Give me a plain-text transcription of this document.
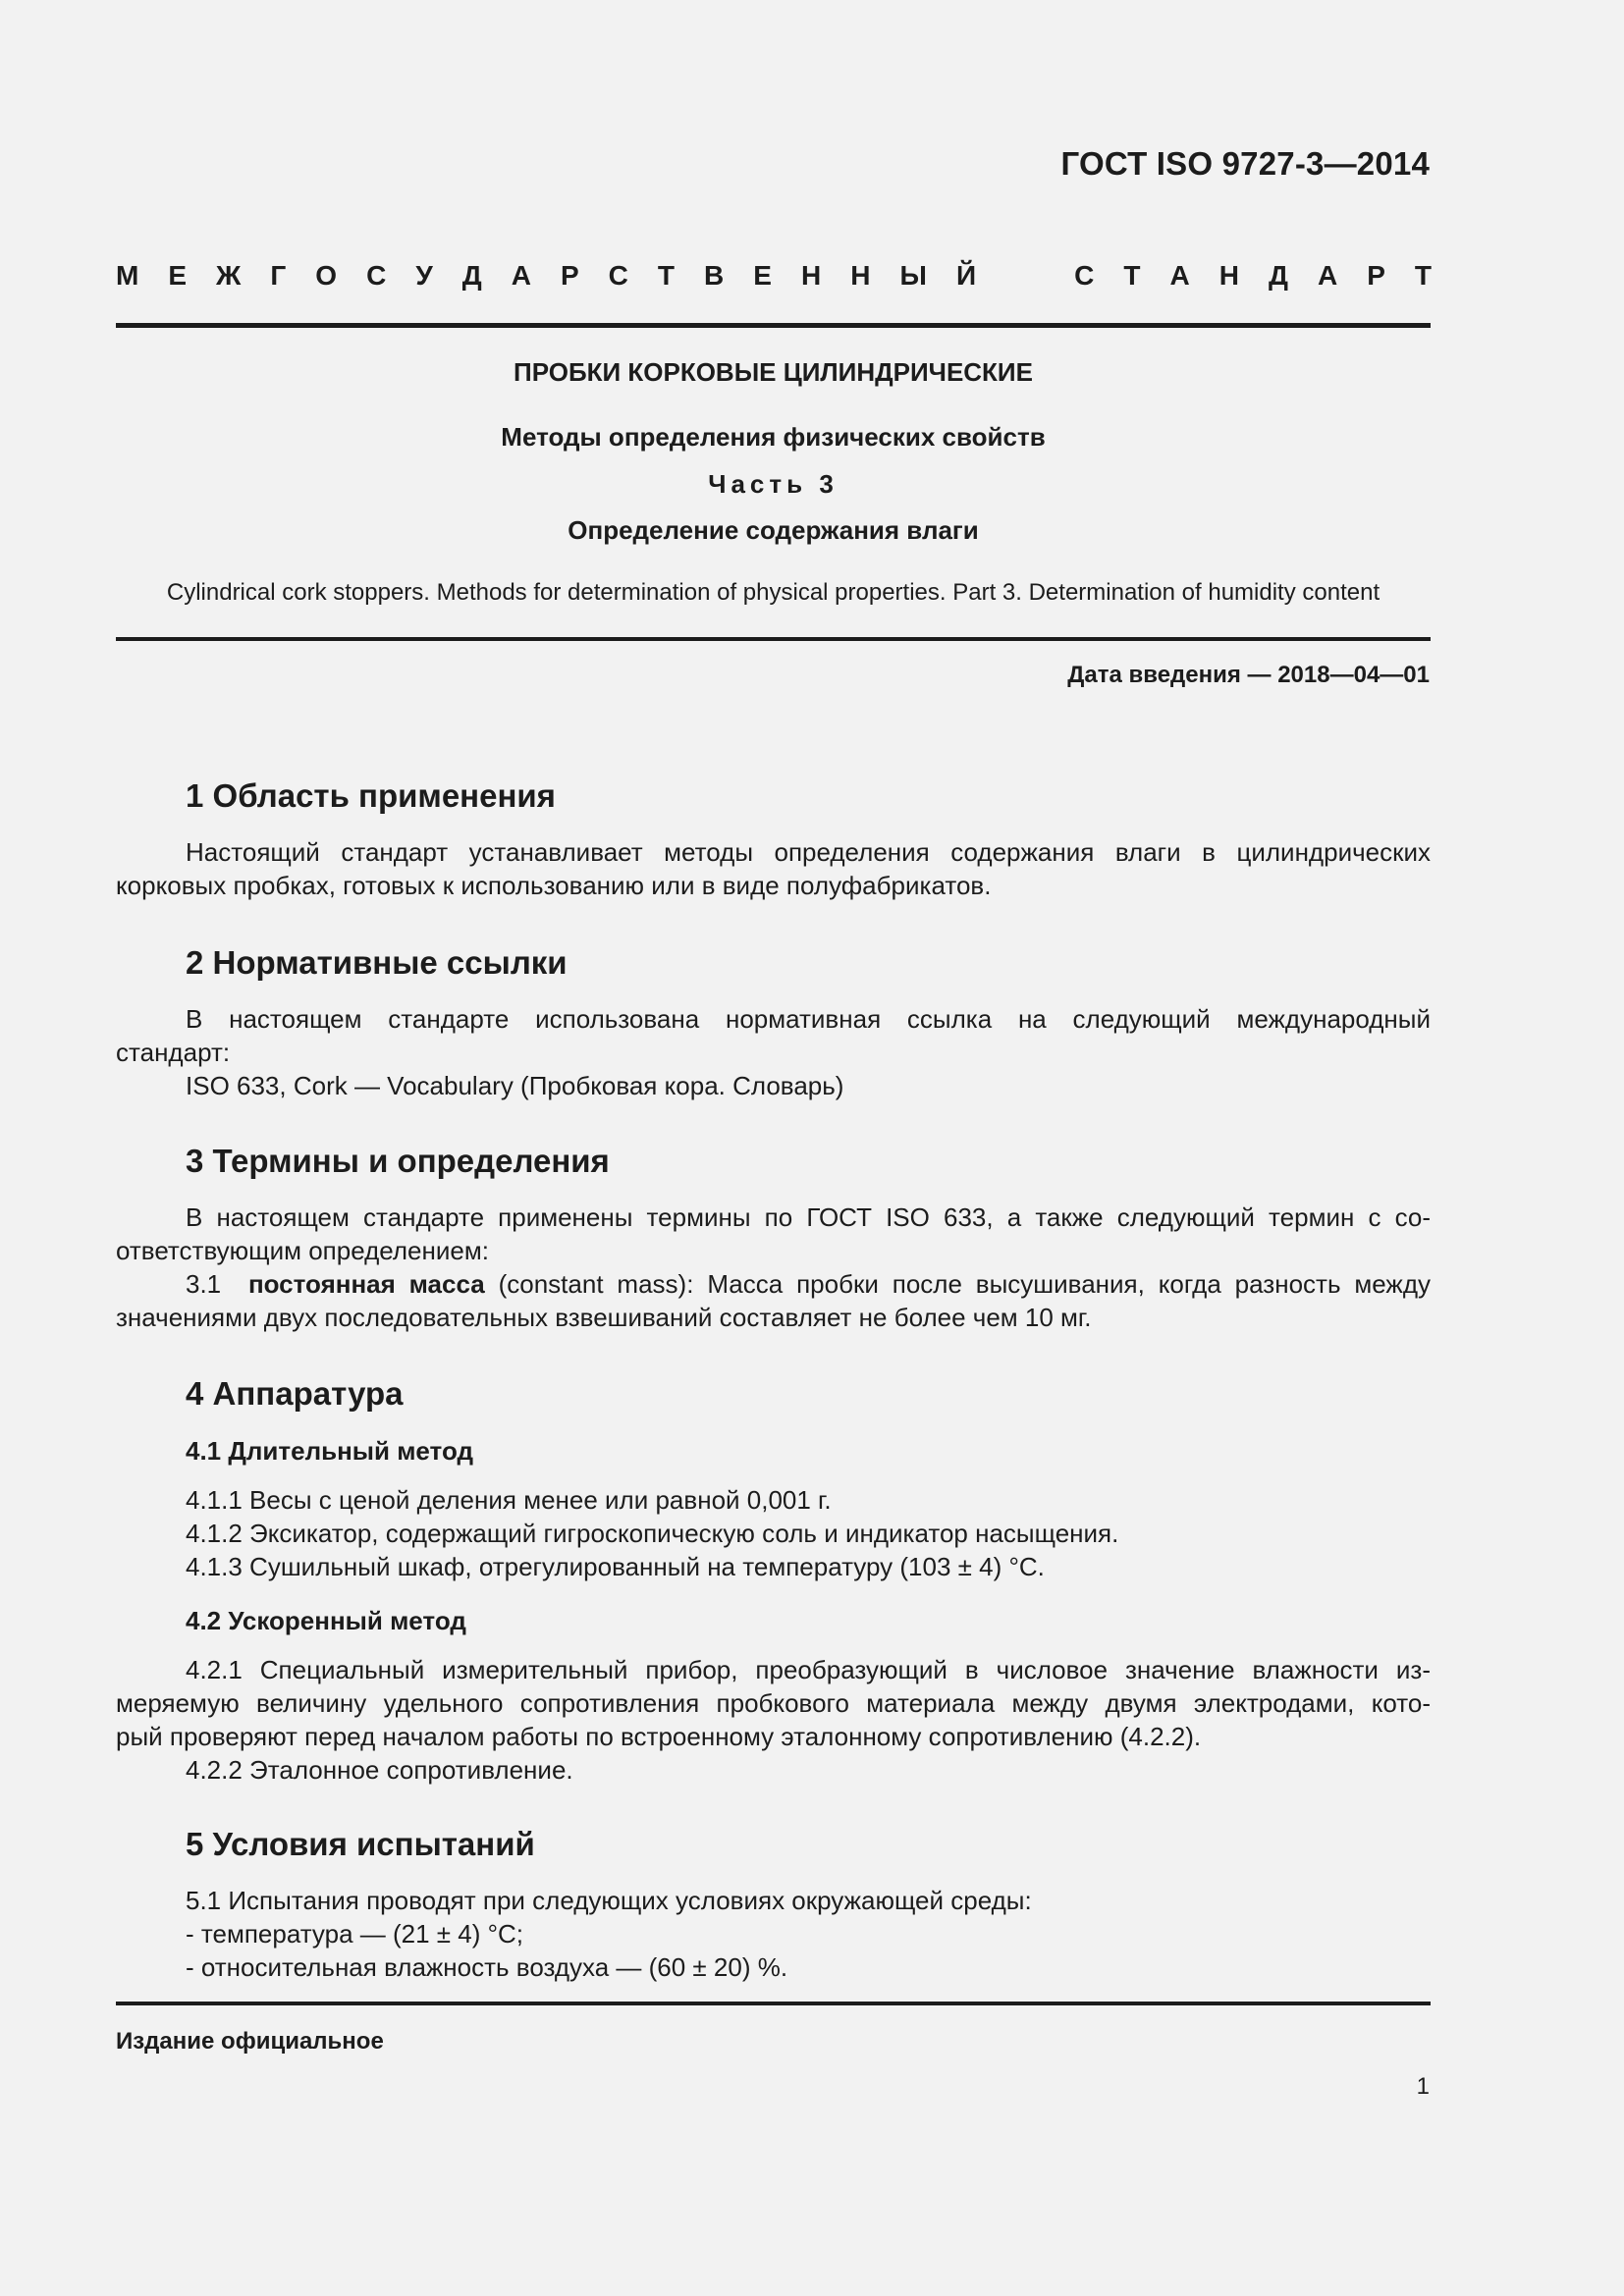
ГОСТ ISO 9727-3—2014
М Е Ж Г О С У Д А Р С Т В Е Н Н Ы Й	С Т А Н Д А Р Т
ПРОБКИ КОРКОВЫЕ ЦИЛИНДРИЧЕСКИЕ
Методы определения физических свойств
Часть 3
Определение содержания влаги
Cylindrical cork stoppers. Methods for determination of physical properties. Part 3. Determination of humidity content
Дата введения — 2018—04—01
1 Область применения
Настоящий стандарт устанавливает методы определения содержания влаги в цилиндрических
корковых пробках, готовых к использованию или в виде полуфабрикатов.
2 Нормативные ссылки
В настоящем стандарте использована нормативная ссылка на следующий международный
стандарт:
ISO 633, Cork — Vocabulary (Пробковая кора. Словарь)
3 Термины и определения
В настоящем стандарте применены термины по ГОСТ ISO 633, а также следующий термин с со-
ответствующим определением:
3.1 постоянная масса (constant mass): Масса пробки после высушивания, когда разность между
значениями двух последовательных взвешиваний составляет не более чем 10 мг.
4 Аппаратура
4.1 Длительный метод
4.1.1 Весы с ценой деления менее или равной 0,001 г.
4.1.2 Эксикатор, содержащий гигроскопическую соль и индикатор насыщения.
4.1.3 Сушильный шкаф, отрегулированный на температуру (103 ± 4) °С.
4.2 Ускоренный метод
4.2.1 Специальный измерительный прибор, преобразующий в числовое значение влажности из-
меряемую величину удельного сопротивления пробкового материала между двумя электродами, кото-
рый проверяют перед началом работы по встроенному эталонному сопротивлению (4.2.2).
4.2.2 Эталонное сопротивление.
5 Условия испытаний
5.1 Испытания проводят при следующих условиях окружающей среды:
- температура — (21 ± 4) °С;
- относительная влажность воздуха — (60 ± 20) %.
Издание официальное
1
